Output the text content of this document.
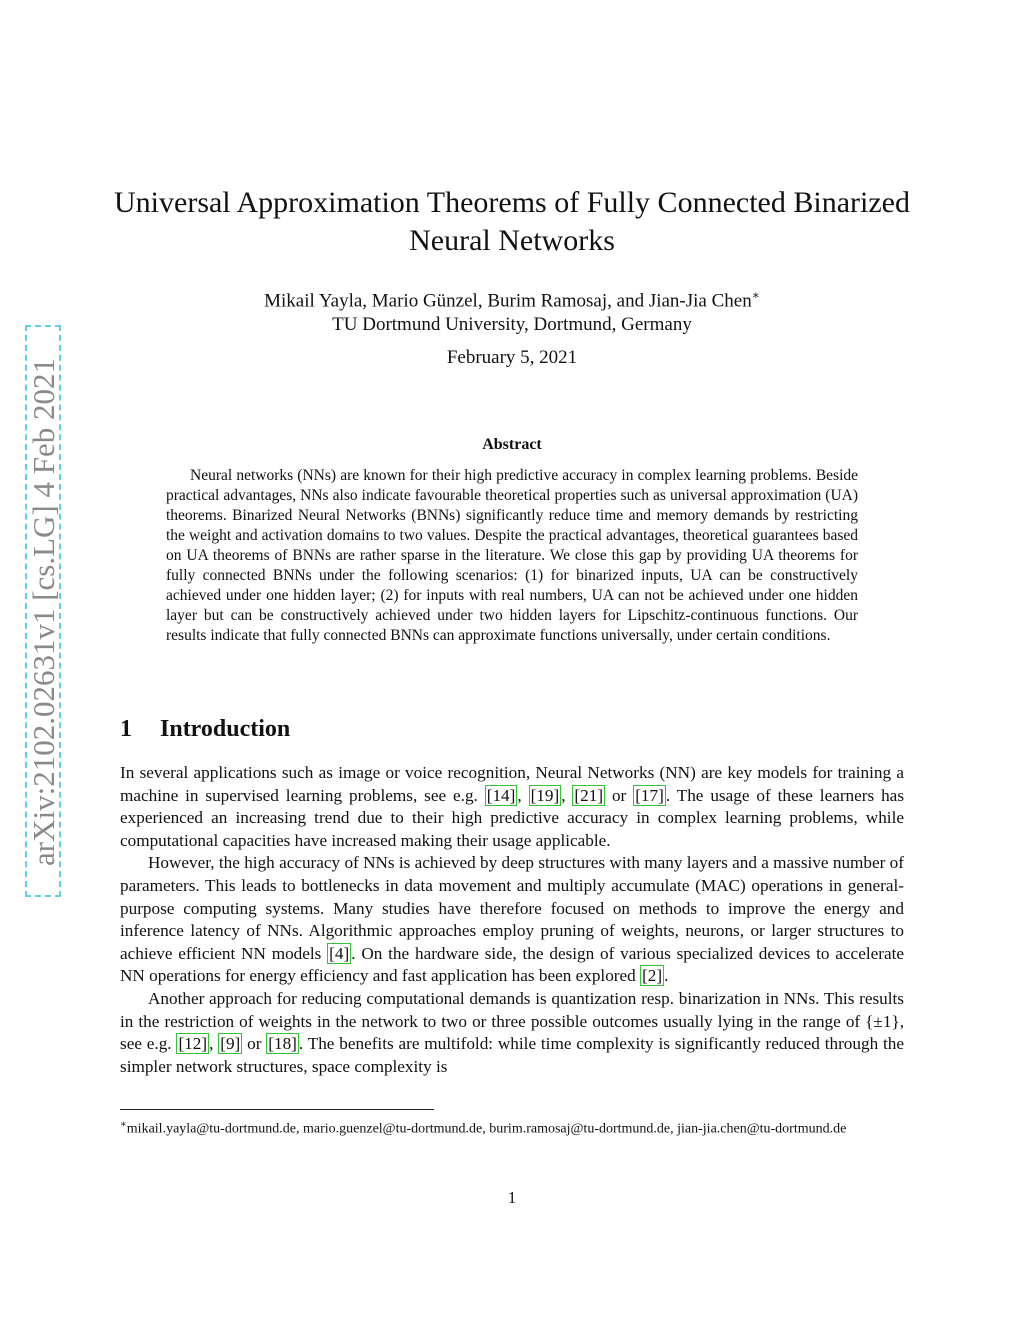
arXiv:2102.02631v1 [cs.LG] 4 Feb 2021
Universal Approximation Theorems of Fully Connected Binarized
Neural Networks
Mikail Yayla, Mario Günzel, Burim Ramosaj, and Jian-Jia Chen∗
TU Dortmund University, Dortmund, Germany
February 5, 2021
Abstract

Neural networks (NNs) are known for their high predictive accuracy in complex learning problems. Beside practical advantages, NNs also indicate favourable theoretical properties such as universal approximation (UA) theorems. Binarized Neural Networks (BNNs) significantly reduce time and memory demands by restricting the weight and activation domains to two values. Despite the practical advantages, theoretical guarantees based on UA theorems of BNNs are rather sparse in the literature. We close this gap by providing UA theorems for fully connected BNNs under the following scenarios: (1) for binarized inputs, UA can be constructively achieved under one hidden layer; (2) for inputs with real numbers, UA can not be achieved under one hidden layer but can be constructively achieved under two hidden layers for Lipschitz-continuous functions. Our results indicate that fully connected BNNs can approximate functions universally, under certain conditions.

1 Introduction

In several applications such as image or voice recognition, Neural Networks (NN) are key models for training a machine in supervised learning problems, see e.g. [14] , [19] , [21] or [17] . The usage of these learners has experienced an increasing trend due to their high predictive accuracy in complex learning problems, while computational capacities have increased making their usage applicable.

However, the high accuracy of NNs is achieved by deep structures with many layers and a massive number of parameters. This leads to bottlenecks in data movement and multiply accumulate (MAC) operations in general-purpose computing systems. Many studies have therefore focused on methods to improve the energy and inference latency of NNs. Algorithmic approaches employ pruning of weights, neurons, or larger structures to achieve efficient NN models [4] . On the hardware side, the design of various specialized devices to accelerate NN operations for energy efficiency and fast application has been explored [2] .

Another approach for reducing computational demands is quantization resp. binarization in NNs. This results in the restriction of weights in the network to two or three possible outcomes usually lying in the range of {±1}, see e.g. [12] , [9] or [18] . The benefits are multifold: while time complexity is significantly reduced through the simpler network structures, space complexity is

∗mikail.yayla@tu-dortmund.de, mario.guenzel@tu-dortmund.de, burim.ramosaj@tu-dortmund.de, jian-jia.chen@tu-dortmund.de
1
